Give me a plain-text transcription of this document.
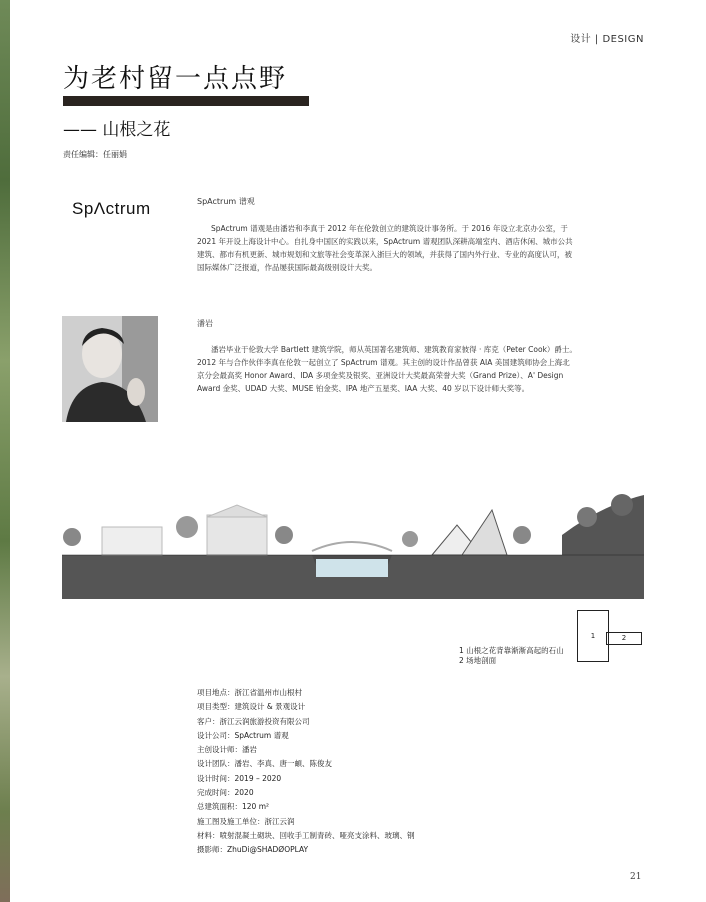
设计 | DESIGN
为老村留一点点野
—— 山根之花
责任编辑：任丽娟
SpΛctrum	SpActrum 谱观
SpActrum 谱观是由潘岩和李真于 2012 年在伦敦创立的建筑设计事务所。于 2016 年设立北京办公室，于 2021 年开设上海设计中心。自扎身中国区的实践以来，SpActrum 谱观团队深耕高端室内、酒店休闲、城市公共建筑、都市有机更新、城市规划和文旅等社会变革深入浙巨大的领域，并获得了国内外行业、专业的高度认可，被国际媒体广泛报道，作品屡获国际最高级别设计大奖。
潘岩
潘岩毕业于伦敦大学 Bartlett 建筑学院，师从英国著名建筑师、建筑教育家彼得 · 库克（Peter Cook）爵士。2012 年与合作伙伴李真在伦敦一起创立了 SpActrum 谱观。其主创的设计作品曾获 AIA 美国建筑师协会上海北京分会最高奖 Honor Award、IDA 多项金奖及银奖、亚洲设计大奖最高荣誉大奖（Grand Prize）、A' Design Award 金奖、UDAD 大奖、MUSE 铂金奖、IPA 地产五星奖、IAA 大奖、40 岁以下设计师大奖等。
1	2
1 山根之花背靠渐渐高起的石山
2 场地剖面
项目地点：浙江省温州市山根村
项目类型：建筑设计 & 景观设计
客户：浙江云润旅游投资有限公司
设计公司：SpActrum 谱观
主创设计师：潘岩
设计团队：潘岩、李真、唐一頔、陈俊友
设计时间：2019 – 2020
完成时间：2020
总建筑面积：120 m²
施工图及施工单位：浙江云润
材料：喷射混凝土砌块、回收手工制青砖、哑亮支涂料、玻璃、钢
摄影师：ZhuDi@SHADØOPLAY
21
